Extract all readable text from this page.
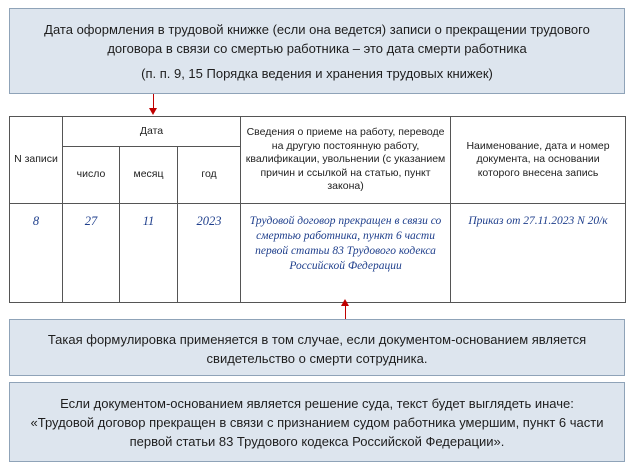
Дата оформления в трудовой книжке (если она ведется) записи о прекращении трудового договора в связи со смертью работника – это дата смерти работника
(п. п. 9, 15 Порядка ведения и хранения трудовых книжек)
N записи	Дата			Сведения о приеме на работу, переводе на другую постоянную работу, квалификации, увольнении (с указанием причин и ссылкой на статью, пункт закона)	Наименование, дата и номер документа, на основании которого внесена запись
	число	месяц	год		
8	27	11	2023	Трудовой договор прекращен в связи со смертью работника, пункт 6 части первой статьи 83 Трудового кодекса Российской Федерации	Приказ от 27.11.2023 N 20/к
Такая формулировка применяется в том случае, если документом-основанием является свидетельство о смерти сотрудника.
Если документом-основанием является решение суда, текст будет выглядеть иначе:
«Трудовой договор прекращен в связи с признанием судом работника умершим, пункт 6 части первой статьи 83 Трудового кодекса Российской Федерации».
